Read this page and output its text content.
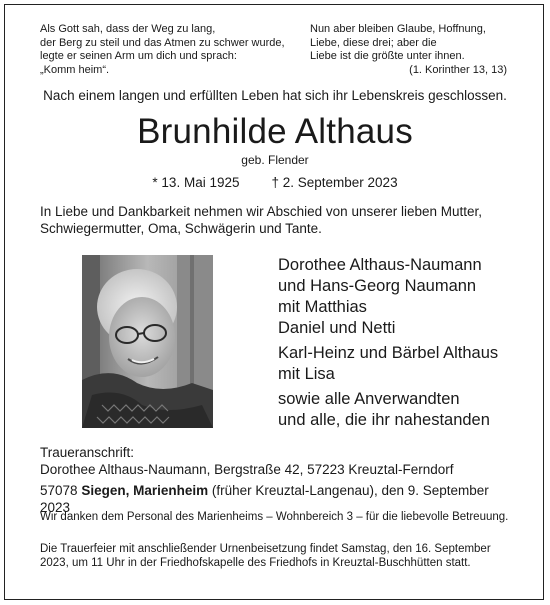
Als Gott sah, dass der Weg zu lang,
der Berg zu steil und das Atmen zu schwer wurde,
legte er seinen Arm um dich und sprach:
„Komm heim“.
Nun aber bleiben Glaube, Hoffnung,
Liebe, diese drei; aber die
Liebe ist die größte unter ihnen.
(1. Korinther 13, 13)
Nach einem langen und erfüllten Leben hat sich ihr Lebenskreis geschlossen.
Brunhilde Althaus
geb. Flender
* 13. Mai 1925 † 2. September 2023
In Liebe und Dankbarkeit nehmen wir Abschied von unserer lieben Mutter, Schwiegermutter, Oma, Schwägerin und Tante.
Dorothee Althaus-Naumann
und Hans-Georg Naumann
mit Matthias
Daniel und Netti
Karl-Heinz und Bärbel Althaus
mit Lisa
sowie alle Anverwandten
und alle, die ihr nahestanden
Traueranschrift:
Dorothee Althaus-Naumann, Bergstraße 42, 57223 Kreuztal-Ferndorf
57078 Siegen, Marienheim (früher Kreuztal-Langenau), den 9. September 2023
Wir danken dem Personal des Marienheims – Wohnbereich 3 – für die liebevolle Betreuung.
Die Trauerfeier mit anschließender Urnenbeisetzung findet Samstag, den 16. September 2023, um 11 Uhr in der Friedhofskapelle des Friedhofs in Kreuztal-Buschhütten statt.
